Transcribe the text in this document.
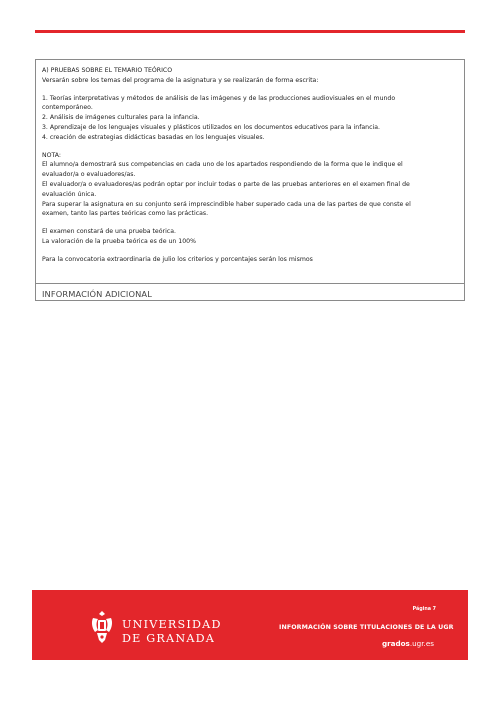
A) PRUEBAS SOBRE EL TEMARIO TEÓRICO

Versarán sobre los temas del programa de la asignatura y se realizarán de forma escrita:

1. Teorías interpretativas y métodos de análisis de las imágenes y de las producciones audiovisuales en el mundo

contemporáneo.

2. Análisis de imágenes culturales para la infancia.

3. Aprendizaje de los lenguajes visuales y plásticos utilizados en los documentos educativos para la infancia.

4. creación de estrategias didácticas basadas en los lenguajes visuales.

NOTA:

El alumno/a demostrará sus competencias en cada uno de los apartados respondiendo de la forma que le indique el

evaluador/a o evaluadores/as.

El evaluador/a o evaluadores/as podrán optar por incluir todas o parte de las pruebas anteriores en el examen final de

evaluación única.

Para superar la asignatura en su conjunto será imprescindible haber superado cada una de las partes de que conste el

examen, tanto las partes teóricas como las prácticas.

El examen constará de una prueba teórica.

La valoración de la prueba teórica es de un 100%

Para la convocatoria extraordinaria de julio los criterios y porcentajes serán los mismos

INFORMACIÓN ADICIONAL
UNIVERSIDAD
DE GRANADA
Página 7
INFORMACIÓN SOBRE TITULACIONES DE LA UGR
grados.ugr.es
